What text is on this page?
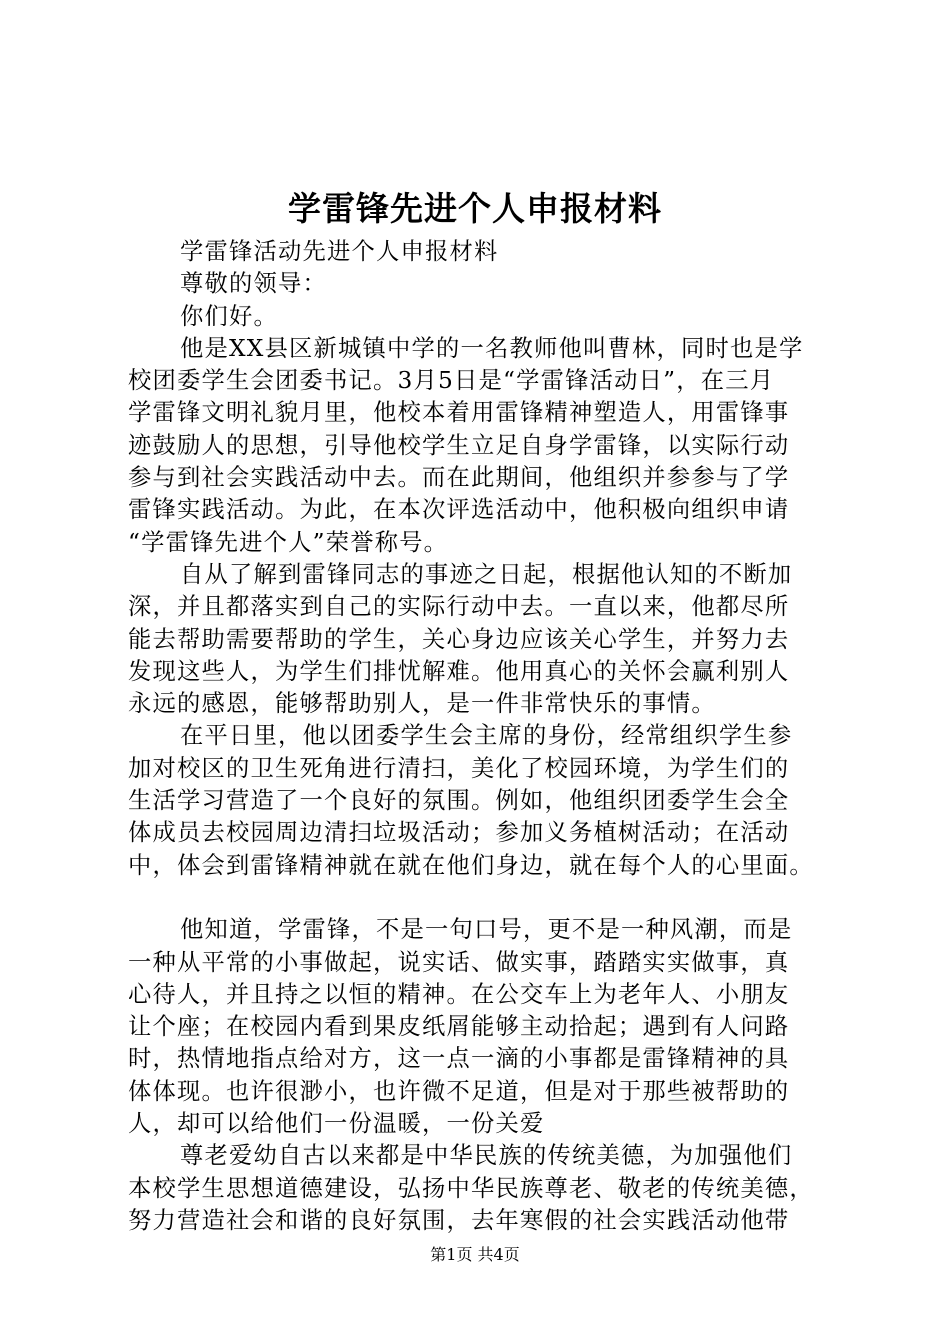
学雷锋先进个人申报材料
学雷锋活动先进个人申报材料
尊敬的领导：
你们好。
他是XX县区新城镇中学的一名教师他叫曹林，同时也是学
校团委学生会团委书记。3月5日是“学雷锋活动日”，在三月
学雷锋文明礼貌月里，他校本着用雷锋精神塑造人，用雷锋事
迹鼓励人的思想，引导他校学生立足自身学雷锋，以实际行动
参与到社会实践活动中去。而在此期间，他组织并参参与了学
雷锋实践活动。为此，在本次评选活动中，他积极向组织申请
“学雷锋先进个人”荣誉称号。
自从了解到雷锋同志的事迹之日起，根据他认知的不断加
深，并且都落实到自己的实际行动中去。一直以来，他都尽所
能去帮助需要帮助的学生，关心身边应该关心学生，并努力去
发现这些人，为学生们排忧解难。他用真心的关怀会赢利别人
永远的感恩，能够帮助别人，是一件非常快乐的事情。
在平日里，他以团委学生会主席的身份，经常组织学生参
加对校区的卫生死角进行清扫，美化了校园环境，为学生们的
生活学习营造了一个良好的氛围。例如，他组织团委学生会全
体成员去校园周边清扫垃圾活动；参加义务植树活动；在活动
中，体会到雷锋精神就在就在他们身边，就在每个人的心里面。
他知道，学雷锋，不是一句口号，更不是一种风潮，而是
一种从平常的小事做起，说实话、做实事，踏踏实实做事，真
心待人，并且持之以恒的精神。在公交车上为老年人、小朋友
让个座；在校园内看到果皮纸屑能够主动拾起；遇到有人问路
时，热情地指点给对方，这一点一滴的小事都是雷锋精神的具
体体现。也许很渺小，也许微不足道，但是对于那些被帮助的
人，却可以给他们一份温暖，一份关爱
尊老爱幼自古以来都是中华民族的传统美德，为加强他们
本校学生思想道德建设，弘扬中华民族尊老、敬老的传统美德，
努力营造社会和谐的良好氛围，去年寒假的社会实践活动他带
第1页 共4页
